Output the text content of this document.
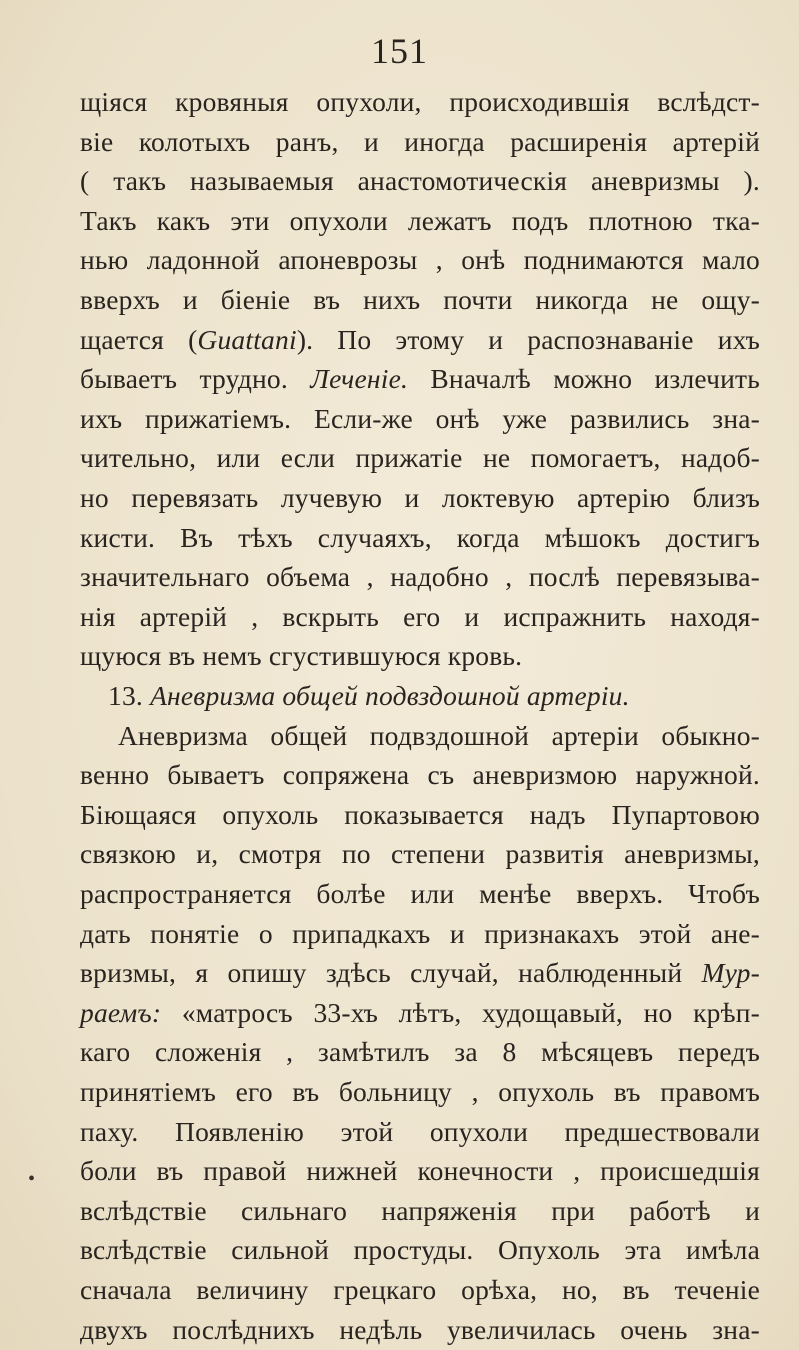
151
щіяся кровяныя опухоли, происходившія вслѣдст-
віе колотыхъ ранъ, и иногда расширенія артерій
( такъ называемыя анастомотическія аневризмы ).
Такъ какъ эти опухоли лежатъ подъ плотною тка-
нью ладонной апоневрозы , онѣ поднимаются мало
вверхъ и біеніе въ нихъ почти никогда не ощу-
щается (Guattani). По этому и распознаваніе ихъ
бываетъ трудно. Леченіе. Вначалѣ можно излечить
ихъ прижатіемъ. Если-же онѣ уже развились зна-
чительно, или если прижатіе не помогаетъ, надоб-
но перевязать лучевую и локтевую артерію близъ
кисти. Въ тѣхъ случаяхъ, когда мѣшокъ достигъ
значительнаго объема , надобно , послѣ перевязыва-
нія артерій , вскрыть его и испражнить находя-
щуюся въ немъ сгустившуюся кровь.
13. Аневризма общей подвздошной артеріи.
Аневризма общей подвздошной артеріи обыкно-
венно бываетъ сопряжена съ аневризмою наружной.
Біющаяся опухоль показывается надъ Пупартовою
связкою и, смотря по степени развитія аневризмы,
распространяется болѣе или менѣе вверхъ. Чтобъ
дать понятіе о припадкахъ и признакахъ этой ане-
вризмы, я опишу здѣсь случай, наблюденный Мур-
раемъ: «матросъ 33-хъ лѣтъ, худощавый, но крѣп-
каго сложенія , замѣтилъ за 8 мѣсяцевъ передъ
принятіемъ его въ больницу , опухоль въ правомъ
паху. Появленію этой опухоли предшествовали
боли въ правой нижней конечности , происшедшія
вслѣдствіе сильнаго напряженія при работѣ и
вслѣдствіе сильной простуды. Опухоль эта имѣла
сначала величину грецкаго орѣха, но, въ теченіе
двухъ послѣднихъ недѣль увеличилась очень зна-
•
